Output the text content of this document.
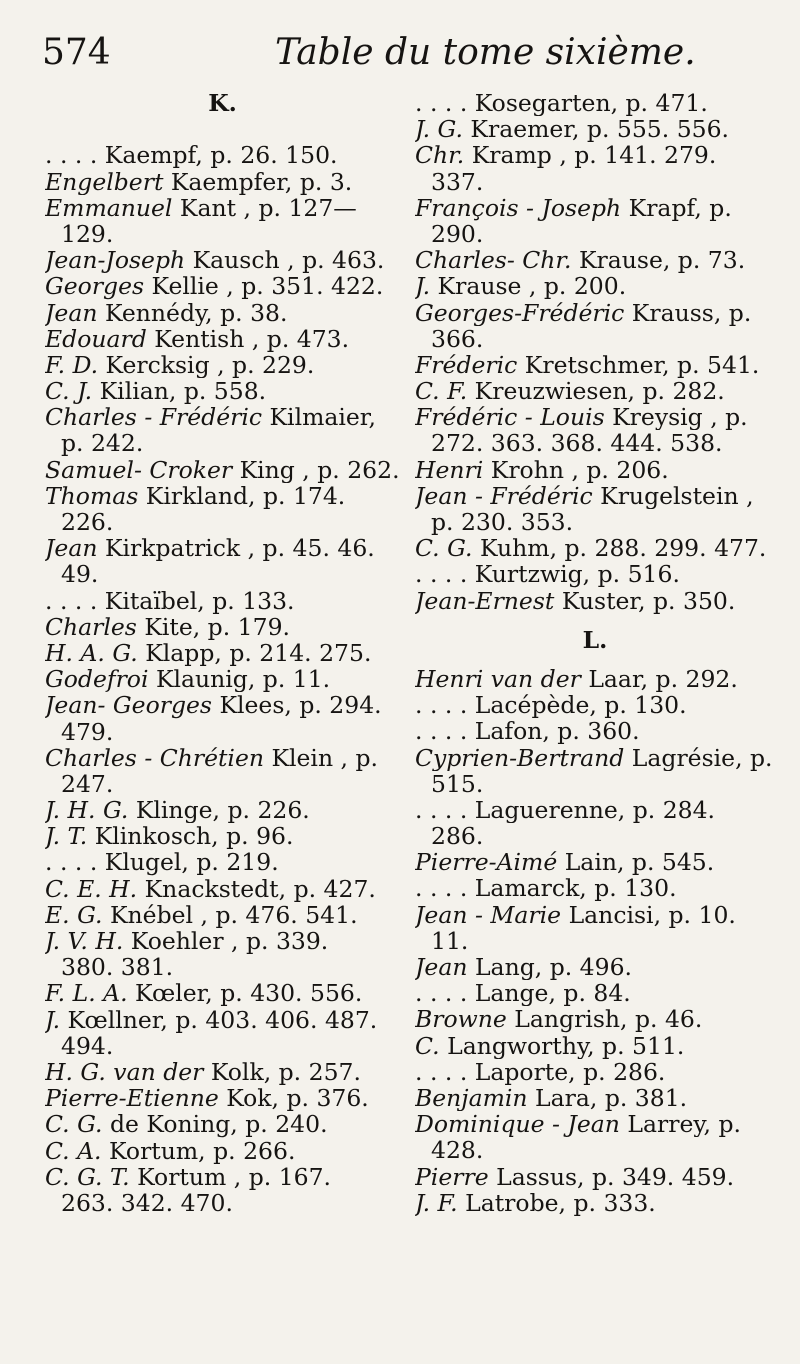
574	Table du tome sixième.
K.
. . . . Kaempf, p. 26. 150.
Engelbert Kaempfer, p. 3.
Emmanuel Kant , p. 127—
129.
Jean-Joseph Kausch , p. 463.
Georges Kellie , p. 351. 422.
Jean Kennédy, p. 38.
Edouard Kentish , p. 473.
F. D. Kercksig , p. 229.
C. J. Kilian, p. 558.
Charles - Frédéric Kilmaier,
p. 242.
Samuel- Croker King , p. 262.
Thomas Kirkland, p. 174.
226.
Jean Kirkpatrick , p. 45. 46.
49.
. . . . Kitaïbel, p. 133.
Charles Kite, p. 179.
H. A. G. Klapp, p. 214. 275.
Godefroi Klaunig, p. 11.
Jean- Georges Klees, p. 294.
479.
Charles - Chrétien Klein , p.
247.
J. H. G. Klinge, p. 226.
J. T. Klinkosch, p. 96.
. . . . Klugel, p. 219.
C. E. H. Knackstedt, p. 427.
E. G. Knébel , p. 476. 541.
J. V. H. Koehler , p. 339.
380. 381.
F. L. A. Kœler, p. 430. 556.
J. Kœllner, p. 403. 406. 487.
494.
H. G. van der Kolk, p. 257.
Pierre-Etienne Kok, p. 376.
C. G. de Koning, p. 240.
C. A. Kortum, p. 266.
C. G. T. Kortum , p. 167.
263. 342. 470.
. . . . Kosegarten, p. 471.
J. G. Kraemer, p. 555. 556.
Chr. Kramp , p. 141. 279.
337.
François - Joseph Krapf, p.
290.
Charles- Chr. Krause, p. 73.
J. Krause , p. 200.
Georges-Frédéric Krauss, p.
366.
Fréderic Kretschmer, p. 541.
C. F. Kreuzwiesen, p. 282.
Frédéric - Louis Kreysig , p.
272. 363. 368. 444. 538.
Henri Krohn , p. 206.
Jean - Frédéric Krugelstein ,
p. 230. 353.
C. G. Kuhm, p. 288. 299. 477.
. . . . Kurtzwig, p. 516.
Jean-Ernest Kuster, p. 350.
L.
Henri van der Laar, p. 292.
. . . . Lacépède, p. 130.
. . . . Lafon, p. 360.
Cyprien-Bertrand Lagrésie, p.
515.
. . . . Laguerenne, p. 284.
286.
Pierre-Aimé Lain, p. 545.
. . . . Lamarck, p. 130.
Jean - Marie Lancisi, p. 10.
11.
Jean Lang, p. 496.
. . . . Lange, p. 84.
Browne Langrish, p. 46.
C. Langworthy, p. 511.
. . . . Laporte, p. 286.
Benjamin Lara, p. 381.
Dominique - Jean Larrey, p.
428.
Pierre Lassus, p. 349. 459.
J. F. Latrobe, p. 333.
